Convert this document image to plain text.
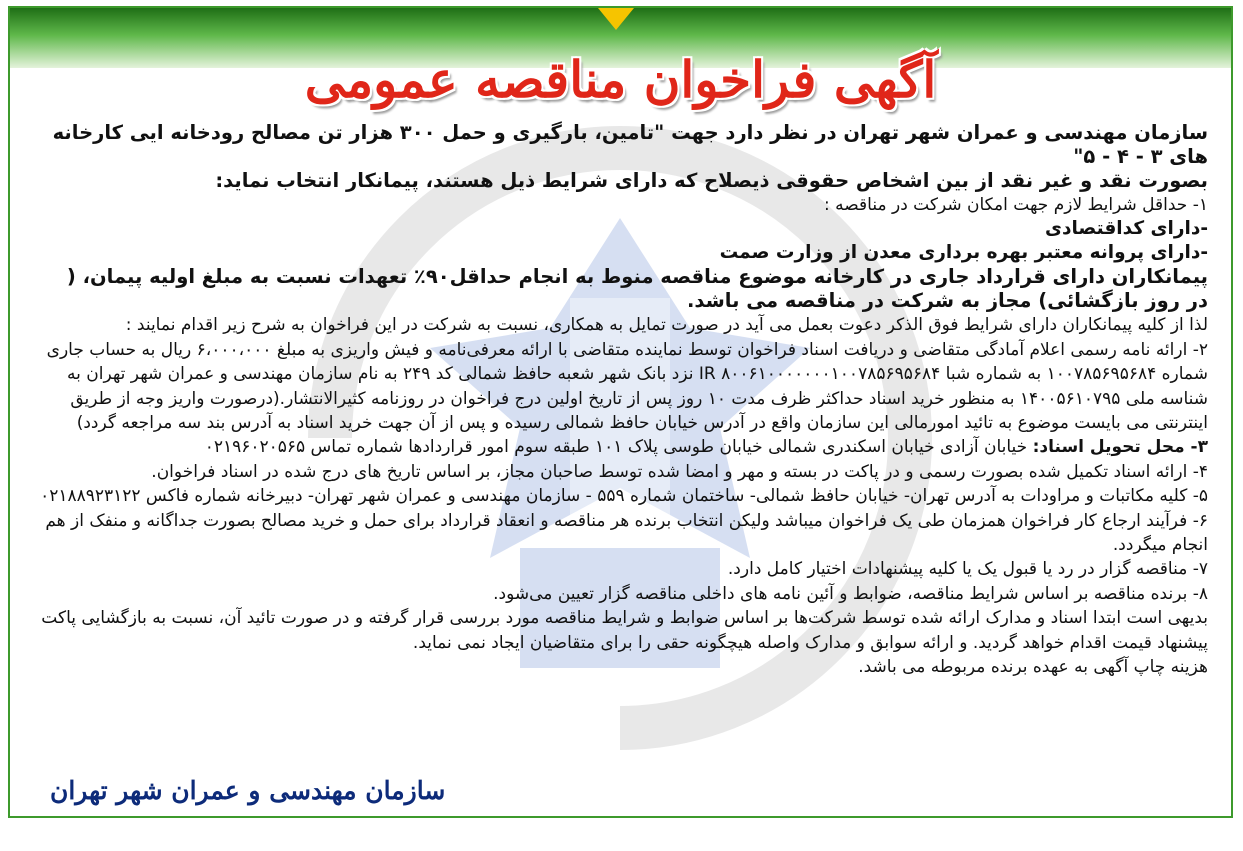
آگهی فراخوان مناقصه عمومی

سازمان مهندسی و عمران شهر تهران در نظر دارد جهت "تامین، بارگیری و حمل ۳۰۰ هزار تن مصالح رودخانه ایی کارخانه های ۳ - ۴ - ۵"

بصورت نقد و غیر نقد از بین اشخاص حقوقی ذیصلاح که دارای شرایط ذیل هستند، پیمانکار انتخاب نماید:

۱- حداقل شرایط لازم جهت امکان شرکت در مناقصه :

-دارای کداقتصادی

-دارای پروانه معتبر بهره برداری معدن از وزارت صمت

پیمانکاران دارای قرارداد جاری در کارخانه موضوع مناقصه منوط به انجام حداقل۹۰٪ تعهدات نسبت به مبلغ اولیه پیمان، ( در روز بازگشائی) مجاز به شرکت در مناقصه می باشد.

لذا از کلیه پیمانکاران دارای شرایط فوق الذکر دعوت بعمل می آید در صورت تمایل به همکاری، نسبت به شرکت در این فراخوان به شرح زیر اقدام نمایند :

۲- ارائه نامه رسمی اعلام آمادگی متقاضی و دریافت اسناد فراخوان توسط نماینده متقاضی با ارائه معرفی‌نامه و فیش واریزی به مبلغ ۶،۰۰۰،۰۰۰ ریال به حساب جاری شماره ۱۰۰۷۸۵۶۹۵۶۸۴ به شماره شبا IR ۸۰۰۶۱۰۰۰۰۰۰۰۱۰۰۷۸۵۶۹۵۶۸۴ نزد بانک شهر شعبه حافظ شمالی کد ۲۴۹ به نام سازمان مهندسی و عمران شهر تهران به شناسه ملی ۱۴۰۰۵۶۱۰۷۹۵ به منظور خرید اسناد حداکثر ظرف مدت ۱۰ روز پس از تاریخ اولین درج فراخوان در روزنامه کثیرالانتشار.(درصورت واریز وجه از طریق اینترنتی می بایست موضوع به تائید امورمالی این سازمان واقع در آدرس خیابان حافظ شمالی رسیده و پس از آن جهت خرید اسناد به آدرس بند سه مراجعه گردد)

۳- محل تحویل اسناد: خیابان آزادی خیابان اسکندری شمالی خیابان طوسی پلاک ۱۰۱ طبقه سوم امور قراردادها شماره تماس ۰۲۱۹۶۰۲۰۵۶۵

۴- ارائه اسناد تکمیل شده بصورت رسمی و در پاکت در بسته و مهر و امضا شده توسط صاحبان مجاز، بر اساس تاریخ های درج شده در اسناد فراخوان.

۵- کلیه مکاتبات و مراودات به آدرس تهران- خیابان حافظ شمالی- ساختمان شماره ۵۵۹ - سازمان مهندسی و عمران شهر تهران- دبیرخانه شماره فاکس ۰۲۱۸۸۹۲۳۱۲۲

۶- فرآیند ارجاع کار فراخوان همزمان طی یک فراخوان میباشد ولیکن انتخاب برنده هر مناقصه و انعقاد قرارداد برای حمل و خرید مصالح بصورت جداگانه و منفک از هم انجام میگردد.

۷- مناقصه گزار در رد یا قبول یک یا کلیه پیشنهادات اختیار کامل دارد.

۸- برنده مناقصه بر اساس شرایط مناقصه، ضوابط و آئین نامه های داخلی مناقصه گزار تعیین می‌شود.

بدیهی است ابتدا اسناد و مدارک ارائه شده توسط شرکت‌ها بر اساس ضوابط و شرایط مناقصه مورد بررسی قرار گرفته و در صورت تائید آن، نسبت به بازگشایی پاکت پیشنهاد قیمت اقدام خواهد گردید. و ارائه سوابق و مدارک واصله هیچگونه حقی را برای متقاضیان ایجاد نمی نماید.

هزینه چاپ آگهی به عهده برنده مربوطه می باشد.

سازمان مهندسی و عمران شهر تهران
